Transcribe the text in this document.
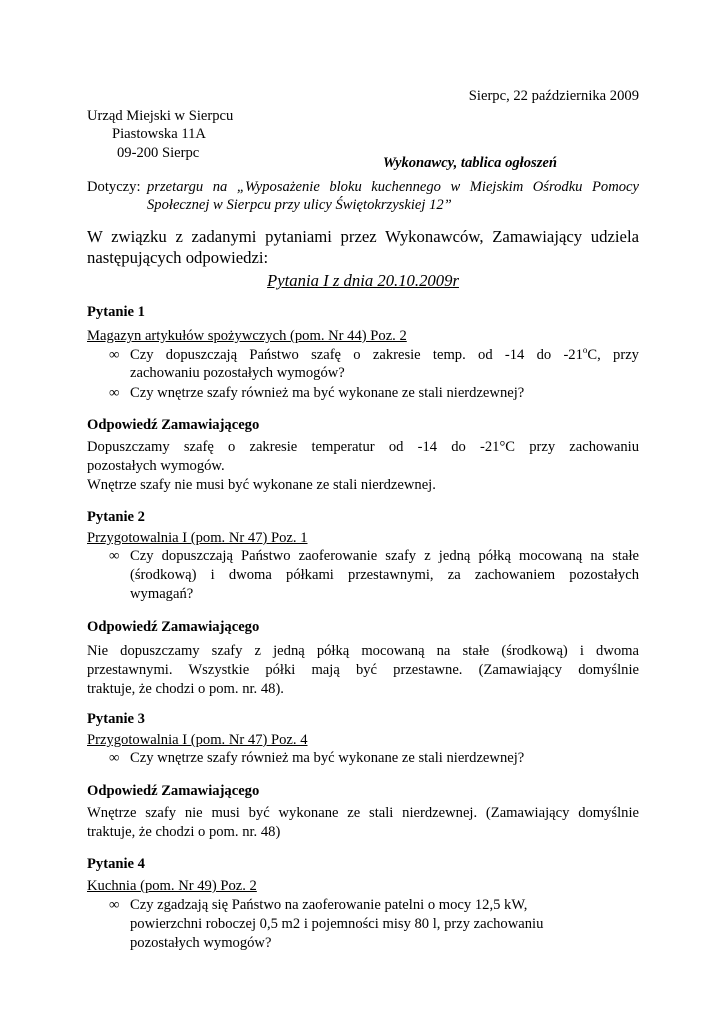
Sierpc, 22 października 2009
Urząd Miejski w Sierpcu
Piastowska 11A
09-200 Sierpc
Wykonawcy, tablica ogłoszeń
Dotyczy: przetargu na „Wyposażenie bloku kuchennego w Miejskim Ośrodku Pomocy
Społecznej w Sierpcu przy ulicy Świętokrzyskiej 12”
W związku z zadanymi pytaniami przez Wykonawców, Zamawiający udziela
następujących odpowiedzi:
Pytania I z dnia 20.10.2009r
Pytanie 1
Magazyn artykułów spożywczych (pom. Nr 44) Poz. 2
∞ Czy dopuszczają Państwo szafę o zakresie temp. od -14 do -21$^o$C, przy
zachowaniu pozostałych wymogów?
∞ Czy wnętrze szafy również ma być wykonane ze stali nierdzewnej?
Odpowiedź Zamawiającego
Dopuszczamy szafę o zakresie temperatur od -14 do -21°C przy zachowaniu
pozostałych wymogów.
Wnętrze szafy nie musi być wykonane ze stali nierdzewnej.
Pytanie 2
Przygotowalnia I (pom. Nr 47) Poz. 1
∞ Czy dopuszczają Państwo zaoferowanie szafy z jedną półką mocowaną na stałe
(środkową) i dwoma półkami przestawnymi, za zachowaniem pozostałych
wymagań?
Odpowiedź Zamawiającego
Nie dopuszczamy szafy z jedną półką mocowaną na stałe (środkową) i dwoma
przestawnymi. Wszystkie półki mają być przestawne. (Zamawiający domyślnie
traktuje, że chodzi o pom. nr. 48).
Pytanie 3
Przygotowalnia I (pom. Nr 47) Poz. 4
∞ Czy wnętrze szafy również ma być wykonane ze stali nierdzewnej?
Odpowiedź Zamawiającego
Wnętrze szafy nie musi być wykonane ze stali nierdzewnej. (Zamawiający domyślnie
traktuje, że chodzi o pom. nr. 48)
Pytanie 4
Kuchnia (pom. Nr 49) Poz. 2
∞ Czy zgadzają się Państwo na zaoferowanie patelni o mocy 12,5 kW,
powierzchni roboczej 0,5 m2 i pojemności misy 80 l, przy zachowaniu
pozostałych wymogów?
